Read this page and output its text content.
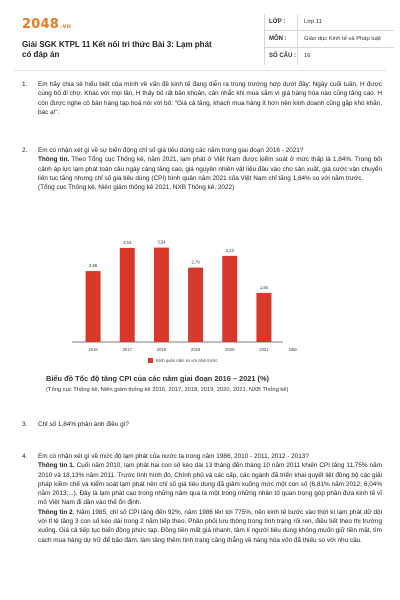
2048.vn
Giải SGK KTPL 11 Kết nối tri thức Bài 3: Lạm phát có đáp án
LỚP :	Lớp 11
MÔN :	Giáo dục Kinh tế và Pháp luật
SỐ CÂU :	16
1.	Em hãy chia sẻ hiểu biết của mình về vấn đề kinh tế đang diễn ra trong trường hợp dưới đây: Ngày cuối tuần, H được cùng bố đi chợ. Khác với mọi lần, H thấy bố rất băn khoăn, cân nhắc khi mua sắm vì giá hàng hóa nào cũng tăng cao. H còn được nghe cô bán hàng tạp hoá nói với bố: "Giá cả tăng, khách mua hàng ít hơn nên kinh doanh cũng gặp khó khăn, bác ạ!".

2.	Em có nhận xét gì về sự biến động chỉ số giá tiêu dùng các năm trong giai đoạn 2016 - 2021?

Thông tin. Theo Tổng cục Thống kê, năm 2021, lạm phát ở Việt Nam được kiểm soát ở mức thấp là 1,84%. Trong bối cảnh áp lực lạm phát toàn cầu ngày càng tăng cao, giá nguyên nhiên vật liệu đầu vào cho sản xuất, giá cước vận chuyển liên tục tăng nhưng chỉ số giá tiêu dùng (CPI) bình quân năm 2021 của Việt Nam chỉ tăng 1,84% so với năm trước.

(Tổng cục Thống kê, Niên giám thống kê 2021, NXB Thống kê, 2022)

2,66
2016
3,53
2017
3,54
2018
2,79
2019
3,23
2020
1,84
2021	Năm
Bình quân năm so với năm trước
Biểu đồ Tốc độ tăng CPI của các năm giai đoạn 2016 – 2021 (%)
(Tổng cục Thống kê, Niên giám thống kê 2016, 2017, 2018, 2019, 2020, 2021, NXB Thống kê)
3.	Chỉ số 1,84% phản ánh điều gì?

4.	Em có nhận xét gì về mức độ lạm phát của nước ta trong năm 1986, 2010 - 2011, 2012 - 2013?

Thông tin 1. Cuối năm 2010, lạm phát hai con số kéo dài 13 tháng đến tháng 10 năm 2011 khiến CPI tăng 11,75% năm 2010 và 18,13% năm 2011. Trước tình hình đó, Chính phủ và các cấp, các ngành đã triển khai quyết liệt đồng bộ các giải pháp kiềm chế và kiểm soát lạm phát nên chỉ số giá tiêu dùng đã giảm xuống mức một con số (6,81% năm 2012; 6,04% năm 2013;...). Đây là lạm phát cao trong những năm qua là một trong những nhân tố quan trọng góp phần đưa kinh tế vĩ mô Việt Nam đi dần vào thế ổn định.

Thông tin 2. Năm 1985, chỉ số CPI tăng đến 92%, năm 1986 lên tới 775%, nền kinh tế bước vào thời kì lạm phát dữ dội với tỉ lệ tăng 3 con số kéo dài trong 2 năm tiếp theo. Phần phối lưu thông trong tình trạng rối ren, điều tiết theo thị trường xuống. Giá cả tiếp tục biến động phức tạp. Đồng tiền mất giá nhanh, tâm lí người tiêu dùng không muốn giữ tiền mặt, tìm cách mua hàng dự trữ để bảo đảm, làm tăng thêm tình trạng căng thẳng về hàng hóa vốn đã thiếu so với nhu cầu.
